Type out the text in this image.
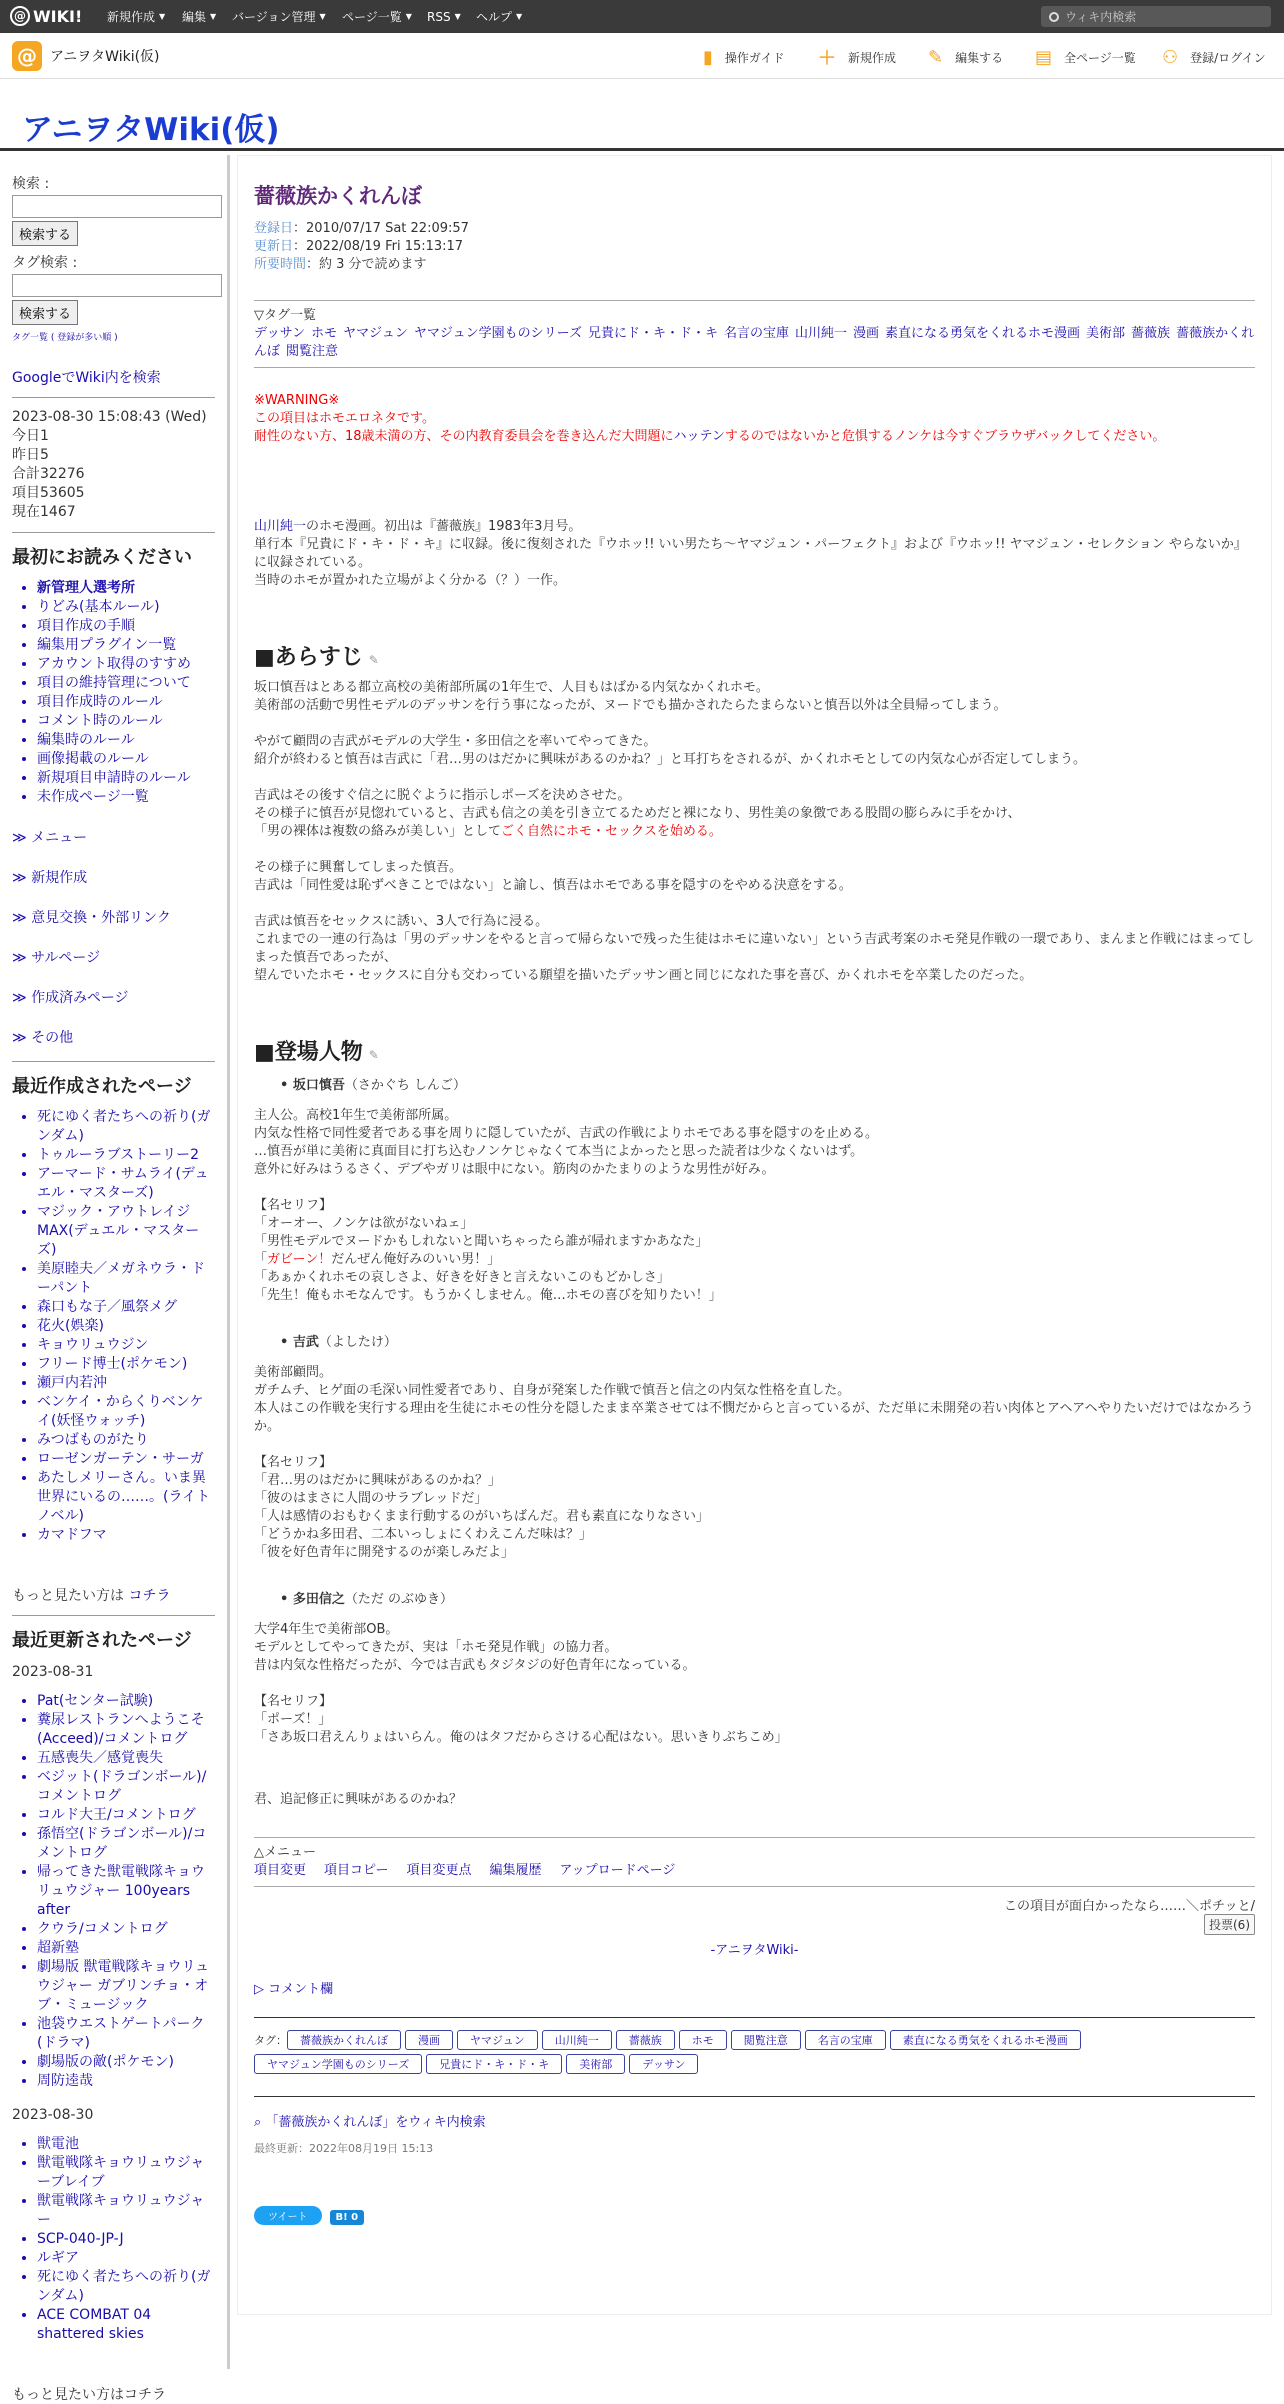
@ WIKI! 新規作成 ▼ 編集 ▼ バージョン管理 ▼ ページ一覧 ▼ RSS ▼ ヘルプ ▼	ウィキ内検索
@ アニヲタWiki(仮)	▮ 操作ガイド ＋ 新規作成 ✎ 編集する ▤ 全ページ一覧 ⚇ 登録/ログイン
アニヲタWiki(仮)
検索 :
検索する
タグ検索 :
検索する
タグ一覧 ( 登録が多い順 )
GoogleでWiki内を検索
2023-08-30 15:08:43 (Wed)
今日1
昨日5
合計32276
項目53605
現在1467
最初にお読みください
• 新管理人選考所
• りどみ(基本ルール)
• 項目作成の手順
• 編集用プラグイン一覧
• アカウント取得のすすめ
• 項目の維持管理について
• 項目作成時のルール
• コメント時のルール
• 編集時のルール
• 画像掲載のルール
• 新規項目申請時のルール
• 未作成ページ一覧
≫ メニュー
≫ 新規作成
≫ 意見交換・外部リンク
≫ サルページ
≫ 作成済みページ
≫ その他
最近作成されたページ
• 死にゆく者たちへの祈り(ガンダム)
• トゥルーラブストーリー2
• アーマード・サムライ(デュエル・マスターズ)
• マジック・アウトレイジMAX(デュエル・マスターズ)
• 美原睦夫／メガネウラ・ドーパント
• 森口もな子／風祭メグ
• 花火(娯楽)
• キョウリュウジン
• フリード博士(ポケモン)
• 瀬戸内若沖
• ベンケイ・からくりベンケイ(妖怪ウォッチ)
• みつばものがたり
• ローゼンガーテン・サーガ
• あたしメリーさん。いま異世界にいるの……。(ライトノベル)
• カマドフマ
もっと見たい方は コチラ
最近更新されたページ
2023-08-31
• Pat(センター試験)
• 糞尿レストランへようこそ(Acceed)/コメントログ
• 五感喪失／感覚喪失
• ベジット(ドラゴンボール)/コメントログ
• コルド大王/コメントログ
• 孫悟空(ドラゴンボール)/コメントログ
• 帰ってきた獣電戦隊キョウリュウジャー 100years after
• クウラ/コメントログ
• 超新塾
• 劇場版 獣電戦隊キョウリュウジャー ガブリンチョ・オブ・ミュージック
• 池袋ウエストゲートパーク(ドラマ)
• 劇場版の敵(ポケモン)
• 周防逵哉
2023-08-30
• 獣電池
• 獣電戦隊キョウリュウジャーブレイブ
• 獣電戦隊キョウリュウジャー
• SCP-040-JP-J
• ルギア
• 死にゆく者たちへの祈り(ガンダム)
• ACE COMBAT 04 shattered skies
もっと見たい方はコチラ
薔薇族かくれんぼ
登録日：2010/07/17 Sat 22:09:57
更新日：2022/08/19 Fri 15:13:17
所要時間：約 3 分で読めます
▽タグ一覧
デッサン ホモ ヤマジュン ヤマジュン学園ものシリーズ 兄貴にド・キ・ド・キ 名言の宝庫 山川純一 漫画 素直になる勇気をくれるホモ漫画 美術部 薔薇族 薔薇族かくれんぼ 閲覧注意
※WARNING※
この項目はホモエロネタです。
耐性のない方、18歳未満の方、その内教育委員会を巻き込んだ大問題にハッテンするのではないかと危惧するノンケは今すぐブラウザバックしてください。
山川純一のホモ漫画。初出は『薔薇族』1983年3月号。
単行本『兄貴にド・キ・ド・キ』に収録。後に復刻された『ウホッ!! いい男たち〜ヤマジュン・パーフェクト』および『ウホッ!! ヤマジュン・セレクション やらないか』に収録されている。
当時のホモが置かれた立場がよく分かる（？）一作。
■あらすじ ✎
坂口慎吾はとある都立高校の美術部所属の1年生で、人目もはばかる内気なかくれホモ。
美術部の活動で男性モデルのデッサンを行う事になったが、ヌードでも描かされたらたまらないと慎吾以外は全員帰ってしまう。

やがて顧問の吉武がモデルの大学生・多田信之を率いてやってきた。
紹介が終わると慎吾は吉武に「君…男のはだかに興味があるのかね？」と耳打ちをされるが、かくれホモとしての内気な心が否定してしまう。

吉武はその後すぐ信之に脱ぐように指示しポーズを決めさせた。
その様子に慎吾が見惚れていると、吉武も信之の美を引き立てるためだと裸になり、男性美の象徴である股間の膨らみに手をかけ、
「男の裸体は複数の絡みが美しい」としてごく自然にホモ・セックスを始める。

その様子に興奮してしまった慎吾。
吉武は「同性愛は恥ずべきことではない」と諭し、慎吾はホモである事を隠すのをやめる決意をする。

吉武は慎吾をセックスに誘い、3人で行為に浸る。
これまでの一連の行為は「男のデッサンをやると言って帰らないで残った生徒はホモに違いない」という吉武考案のホモ発見作戦の一環であり、まんまと作戦にはまってしまった慎吾であったが、
望んでいたホモ・セックスに自分も交わっている願望を描いたデッサン画と同じになれた事を喜び、かくれホモを卒業したのだった。
■登場人物 ✎
• 坂口慎吾（さかぐち しんご）
主人公。高校1年生で美術部所属。
内気な性格で同性愛者である事を周りに隠していたが、吉武の作戦によりホモである事を隠すのを止める。
…慎吾が単に美術に真面目に打ち込むノンケじゃなくて本当によかったと思った読者は少なくないはず。
意外に好みはうるさく、デブやガリは眼中にない。筋肉のかたまりのような男性が好み。

【名セリフ】
「オーオー、ノンケは欲がないねェ」
「男性モデルでヌードかもしれないと聞いちゃったら誰が帰れますかあなた」
「ガビーン！だんぜん俺好みのいい男！」
「あぁかくれホモの哀しさよ、好きを好きと言えないこのもどかしさ」
「先生！俺もホモなんです。もうかくしません。俺…ホモの喜びを知りたい！」
• 吉武（よしたけ）
美術部顧問。
ガチムチ、ヒゲ面の毛深い同性愛者であり、自身が発案した作戦で慎吾と信之の内気な性格を直した。
本人はこの作戦を実行する理由を生徒にホモの性分を隠したまま卒業させては不憫だからと言っているが、ただ単に未開発の若い肉体とアヘアヘやりたいだけではなかろうか。

【名セリフ】
「君…男のはだかに興味があるのかね？」
「彼のはまさに人間のサラブレッドだ」
「人は感情のおもむくまま行動するのがいちばんだ。君も素直になりなさい」
「どうかね多田君、二本いっしょにくわえこんだ味は？」
「彼を好色青年に開発するのが楽しみだよ」
• 多田信之（ただ のぶゆき）
大学4年生で美術部OB。
モデルとしてやってきたが、実は「ホモ発見作戦」の協力者。
昔は内気な性格だったが、今では吉武もタジタジの好色青年になっている。

【名セリフ】
「ポーズ！」
「さあ坂口君えんりょはいらん。俺のはタフだからさける心配はない。思いきりぶちこめ」
君、追記修正に興味があるのかね？
△メニュー
項目変更 項目コピー 項目変更点 編集履歴 アップロードページ
この項目が面白かったなら……＼ポチッと/
投票(6)
-アニヲタWiki-
▷ コメント欄
タグ： 薔薇族かくれんぼ	漫画	ヤマジュン	山川純一	薔薇族	ホモ	閲覧注意	名言の宝庫	素直になる勇気をくれるホモ漫画ヤマジュン学園ものシリーズ	兄貴にド・キ・ド・キ	美術部	デッサン
⌕ 「薔薇族かくれんぼ」をウィキ内検索
最終更新：2022年08月19日 15:13
ツイート	B! 0
